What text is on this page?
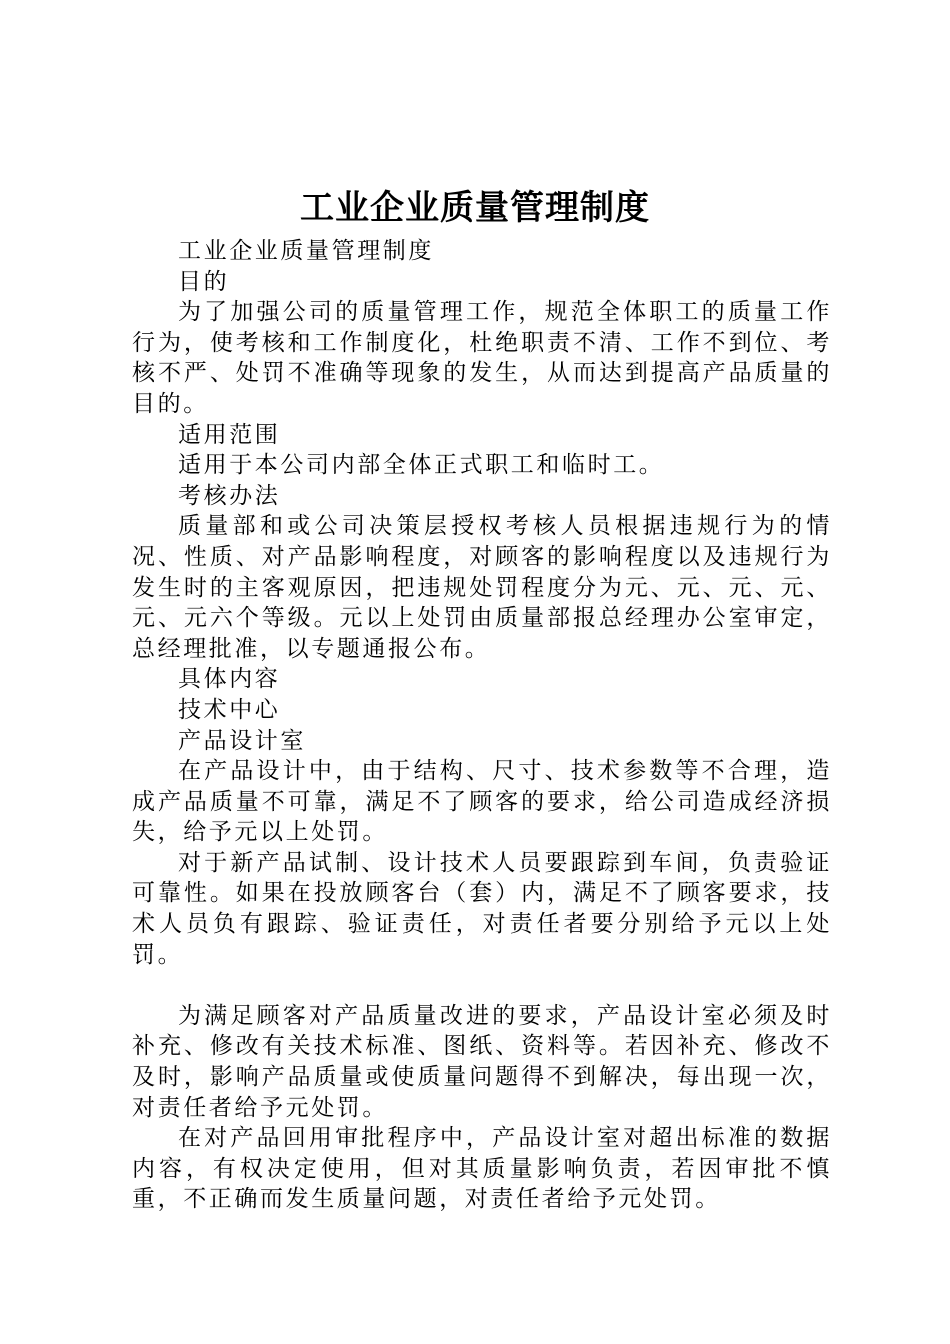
工业企业质量管理制度

工业企业质量管理制度

目的

为了加强公司的质量管理工作，规范全体职工的质量工作行为，使考核和工作制度化，杜绝职责不清、工作不到位、考核不严、处罚不准确等现象的发生，从而达到提高产品质量的目的。

适用范围

适用于本公司内部全体正式职工和临时工。

考核办法

质量部和或公司决策层授权考核人员根据违规行为的情况、性质、对产品影响程度，对顾客的影响程度以及违规行为发生时的主客观原因，把违规处罚程度分为元、元、元、元、元、元六个等级。元以上处罚由质量部报总经理办公室审定，总经理批准，以专题通报公布。

具体内容

技术中心

产品设计室

在产品设计中，由于结构、尺寸、技术参数等不合理，造成产品质量不可靠，满足不了顾客的要求，给公司造成经济损失，给予元以上处罚。

对于新产品试制、设计技术人员要跟踪到车间，负责验证可靠性。如果在投放顾客台（套）内，满足不了顾客要求，技术人员负有跟踪、验证责任，对责任者要分别给予元以上处罚。

为满足顾客对产品质量改进的要求，产品设计室必须及时补充、修改有关技术标准、图纸、资料等。若因补充、修改不及时，影响产品质量或使质量问题得不到解决，每出现一次，对责任者给予元处罚。

在对产品回用审批程序中，产品设计室对超出标准的数据内容，有权决定使用，但对其质量影响负责，若因审批不慎重，不正确而发生质量问题，对责任者给予元处罚。
